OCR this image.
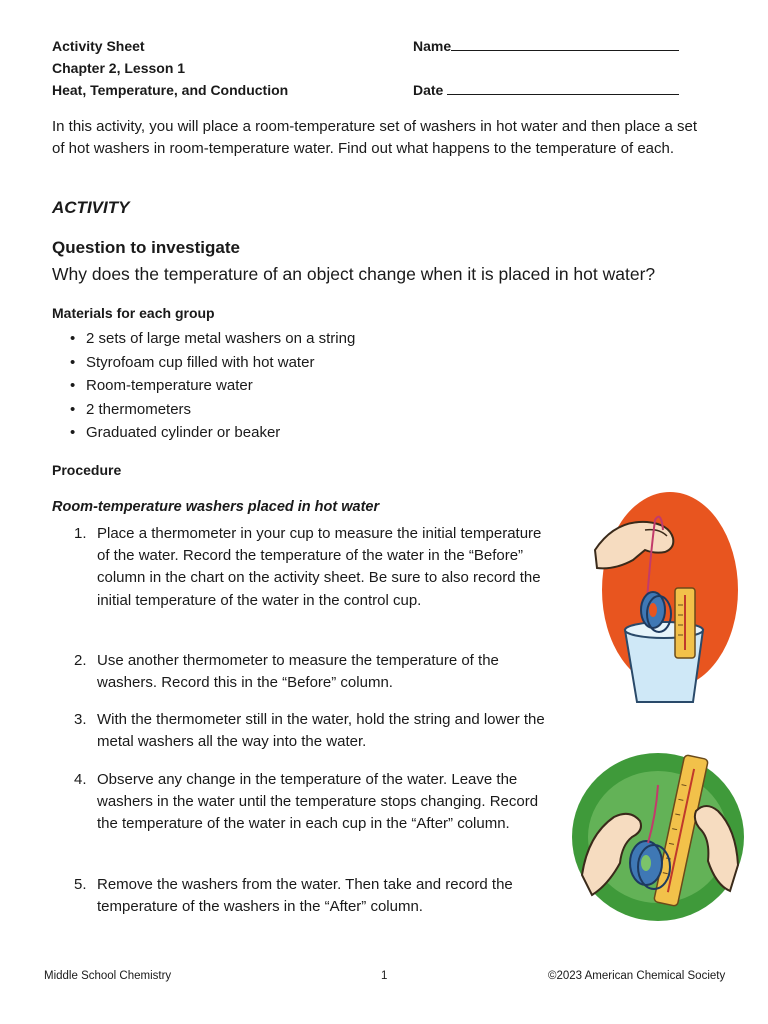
Activity Sheet
Chapter 2, Lesson 1
Heat, Temperature, and Conduction
Name
Date
In this activity, you will place a room-temperature set of washers in hot water and then place a set of hot washers in room-temperature water. Find out what happens to the temperature of each.
ACTIVITY
Question to investigate
Why does the temperature of an object change when it is placed in hot water?
Materials for each group
• 2 sets of large metal washers on a string
• Styrofoam cup filled with hot water
• Room-temperature water
• 2 thermometers
• Graduated cylinder or beaker
Procedure
Room-temperature washers placed in hot water
1. Place a thermometer in your cup to measure the initial temperature of the water. Record the temperature of the water in the “Before” column in the chart on the activity sheet. Be sure to also record the initial temperature of the water in the control cup.
2. Use another thermometer to measure the temperature of the washers. Record this in the “Before” column.
3. With the thermometer still in the water, hold the string and lower the metal washers all the way into the water.
4. Observe any change in the temperature of the water. Leave the washers in the water until the temperature stops changing. Record the temperature of the water in each cup in the “After” column.
5. Remove the washers from the water. Then take and record the temperature of the washers in the “After” column.
Middle School Chemistry	1	©2023 American Chemical Society
